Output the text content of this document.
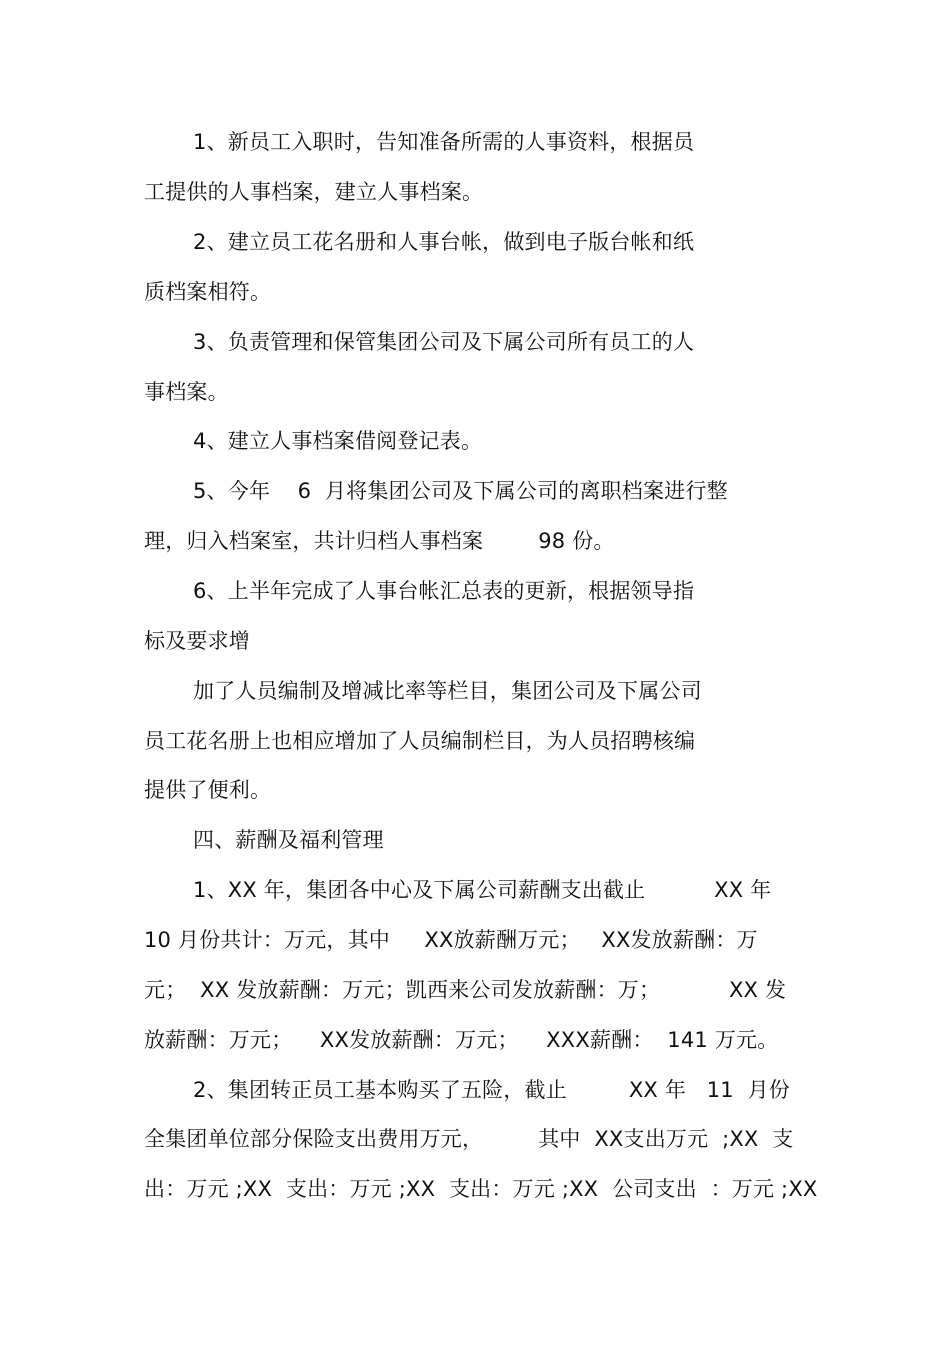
1、新员工入职时，告知准备所需的人事资料，根据员
工提供的人事档案，建立人事档案。
2、建立员工花名册和人事台帐，做到电子版台帐和纸
质档案相符。
3、负责管理和保管集团公司及下属公司所有员工的人
事档案。
4、建立人事档案借阅登记表。
5、今年    6  月将集团公司及下属公司的离职档案进行整
理，归入档案室，共计归档人事档案        98 份。
6、上半年完成了人事台帐汇总表的更新，根据领导指
标及要求增
加了人员编制及增减比率等栏目，集团公司及下属公司
员工花名册上也相应增加了人员编制栏目，为人员招聘核编
提供了便利。
四、薪酬及福利管理
1、XX 年，集团各中心及下属公司薪酬支出截止          XX 年
10 月份共计：万元，其中     XX放薪酬万元；   XX发放薪酬：万
元；  XX 发放薪酬：万元；凯西来公司发放薪酬：万；          XX 发
放薪酬：万元；    XX发放薪酬：万元；    XXX薪酬：  141 万元。
2、集团转正员工基本购买了五险，截止         XX 年   11  月份
全集团单位部分保险支出费用万元，        其中  XX支出万元  ;XX  支
出：万元 ;XX  支出：万元 ;XX  支出：万元 ;XX  公司支出  ：万元 ;XX
